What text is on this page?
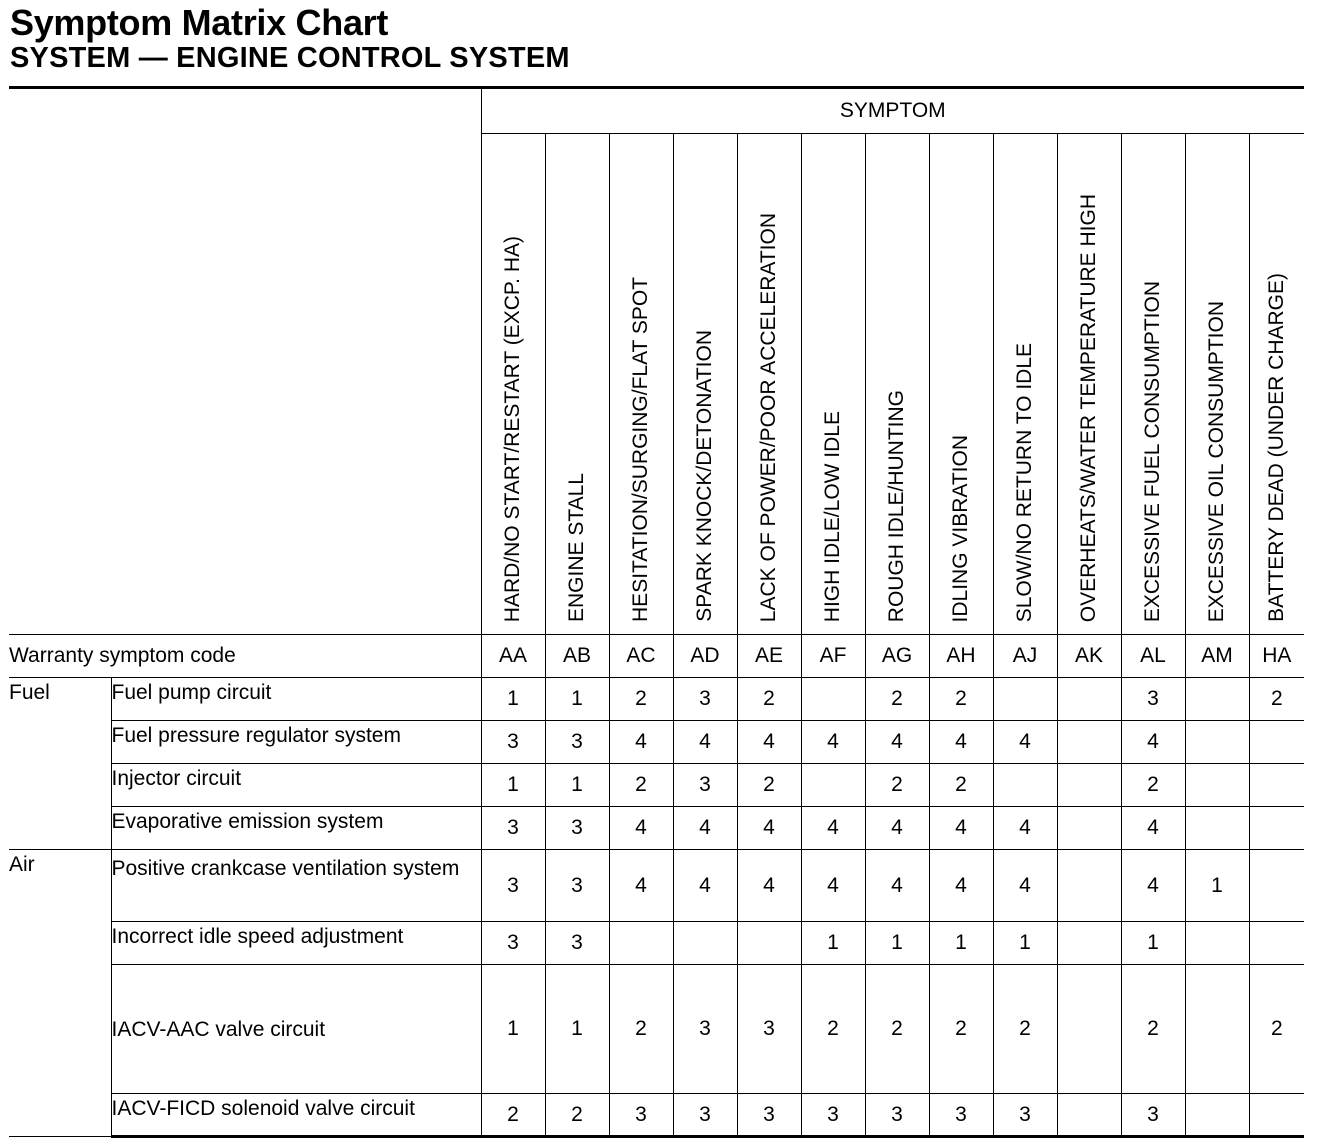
Symptom Matrix Chart
SYSTEM — ENGINE CONTROL SYSTEM
		SYMPTOM												
		HARD/NO START/RESTART (EXCP. HA)	ENGINE STALL	HESITATION/SURGING/FLAT SPOT	SPARK KNOCK/DETONATION	LACK OF POWER/POOR ACCELERATION	HIGH IDLE/LOW IDLE	ROUGH IDLE/HUNTING	IDLING VIBRATION	SLOW/NO RETURN TO IDLE	OVERHEATS/WATER TEMPERATURE HIGH	EXCESSIVE FUEL CONSUMPTION	EXCESSIVE OIL CONSUMPTION	BATTERY DEAD (UNDER CHARGE)
Warranty symptom code		AA	AB	AC	AD	AE	AF	AG	AH	AJ	AK	AL	AM	HA
Fuel	Fuel pump circuit	1	1	2	3	2		2	2			3		2
	Fuel pressure regulator system	3	3	4	4	4	4	4	4	4		4		
	Injector circuit	1	1	2	3	2		2	2			2		
	Evaporative emission system	3	3	4	4	4	4	4	4	4		4		
Air	Positive crankcase ventilation system	3	3	4	4	4	4	4	4	4		4	1	
	Incorrect idle speed adjustment	3	3				1	1	1	1		1		
	IACV-AAC valve circuit	1	1	2	3	3	2	2	2	2		2		2
	IACV-FICD solenoid valve circuit	2	2	3	3	3	3	3	3	3		3		
